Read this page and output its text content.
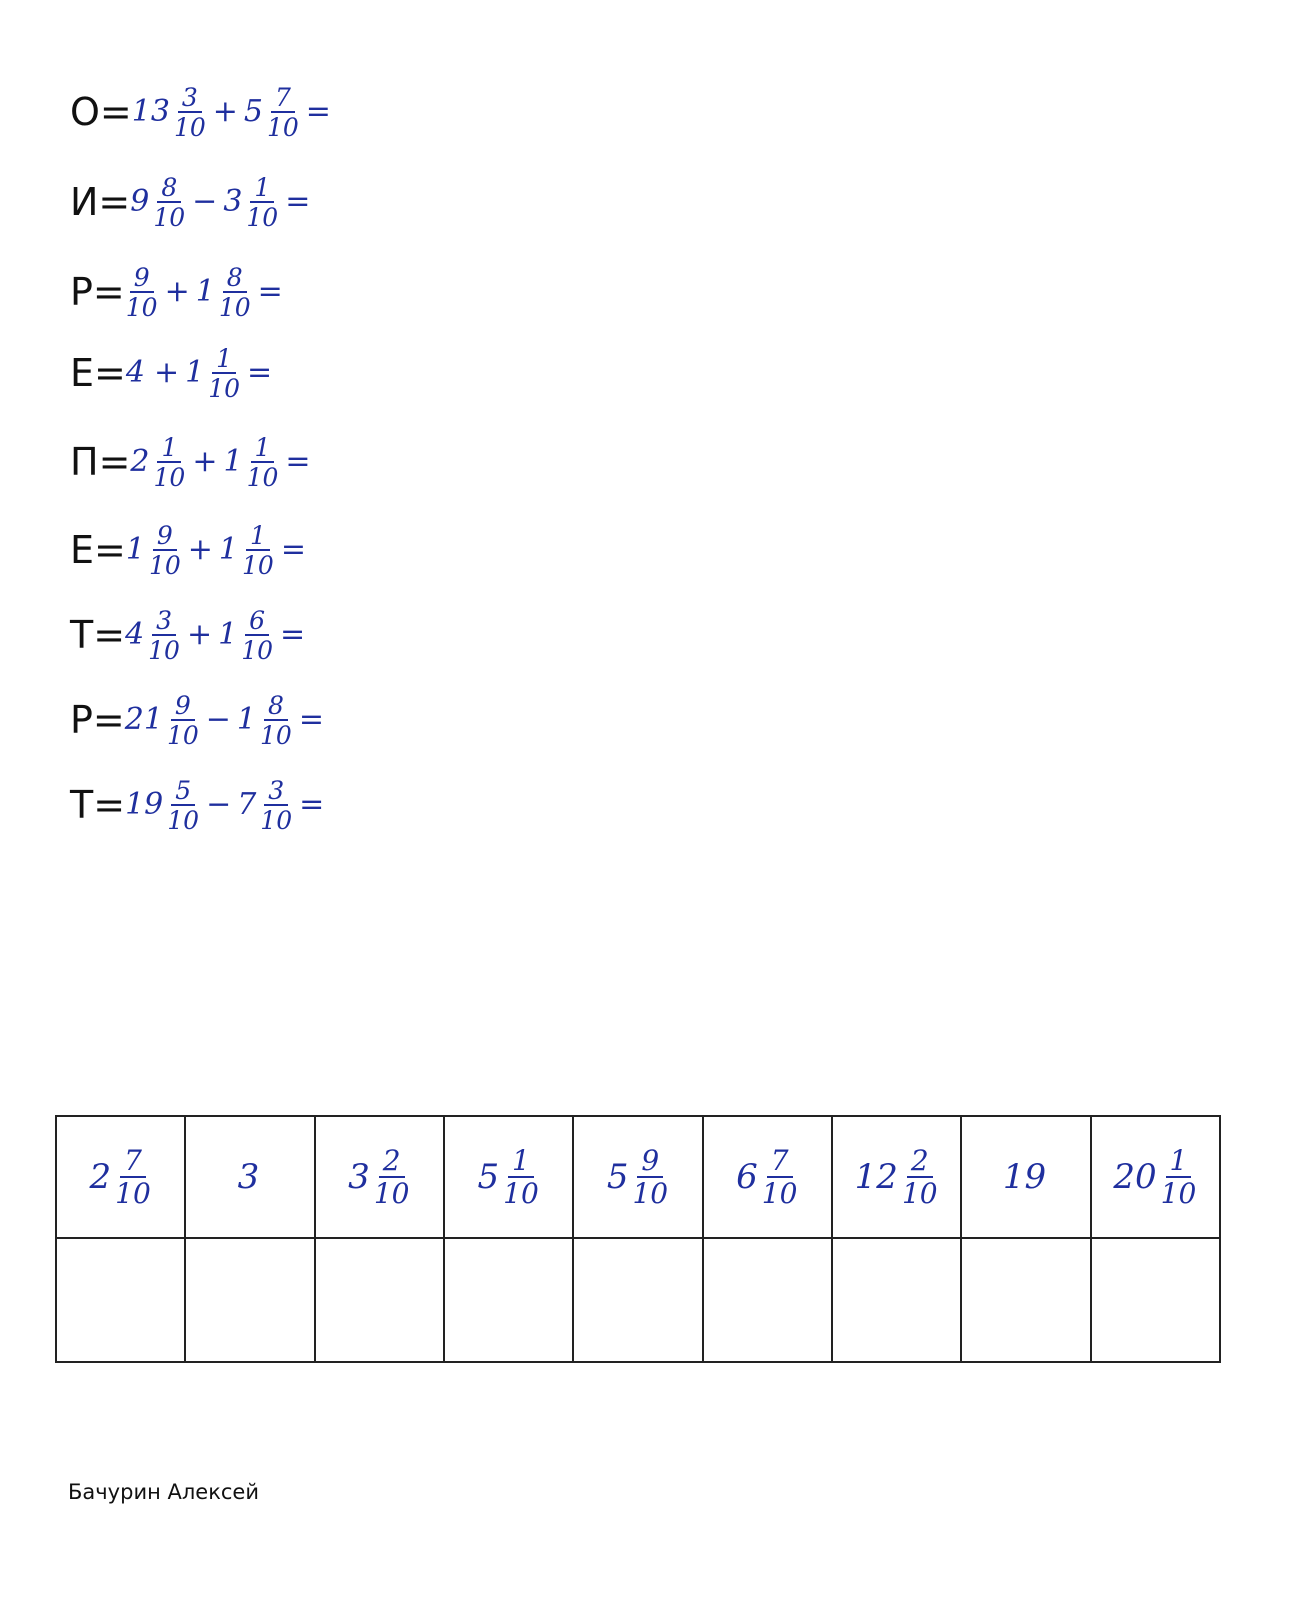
$О= 13 \frac{3}{10} + 5 \frac{7}{10}$ =
$И= 9 \frac{8}{10} - 3 \frac{1}{10}$ =
$Р= \frac{9}{10} + 1 \frac{8}{10}$ =
$Е= 4 + 1 \frac{1}{10}$ =
$П= 2 \frac{1}{10} + 1 \frac{1}{10}$ =
$Е= 1 \frac{9}{10} + 1 \frac{1}{10}$ =
$Т= 4 \frac{3}{10} + 1 \frac{6}{10}$ =
$Р= 21 \frac{9}{10} - 1 \frac{8}{10}$ =
$Т= 19 \frac{5}{10} - 7 \frac{3}{10}$ =
$2 \frac{7}{10}$	3	$3 \frac{2}{10}$	$5 \frac{1}{10}$	$5 \frac{9}{10}$	$6 \frac{7}{10}$	$12 \frac{2}{10}$	19	$20 \frac{1}{10}$

Бачурин Алексей
